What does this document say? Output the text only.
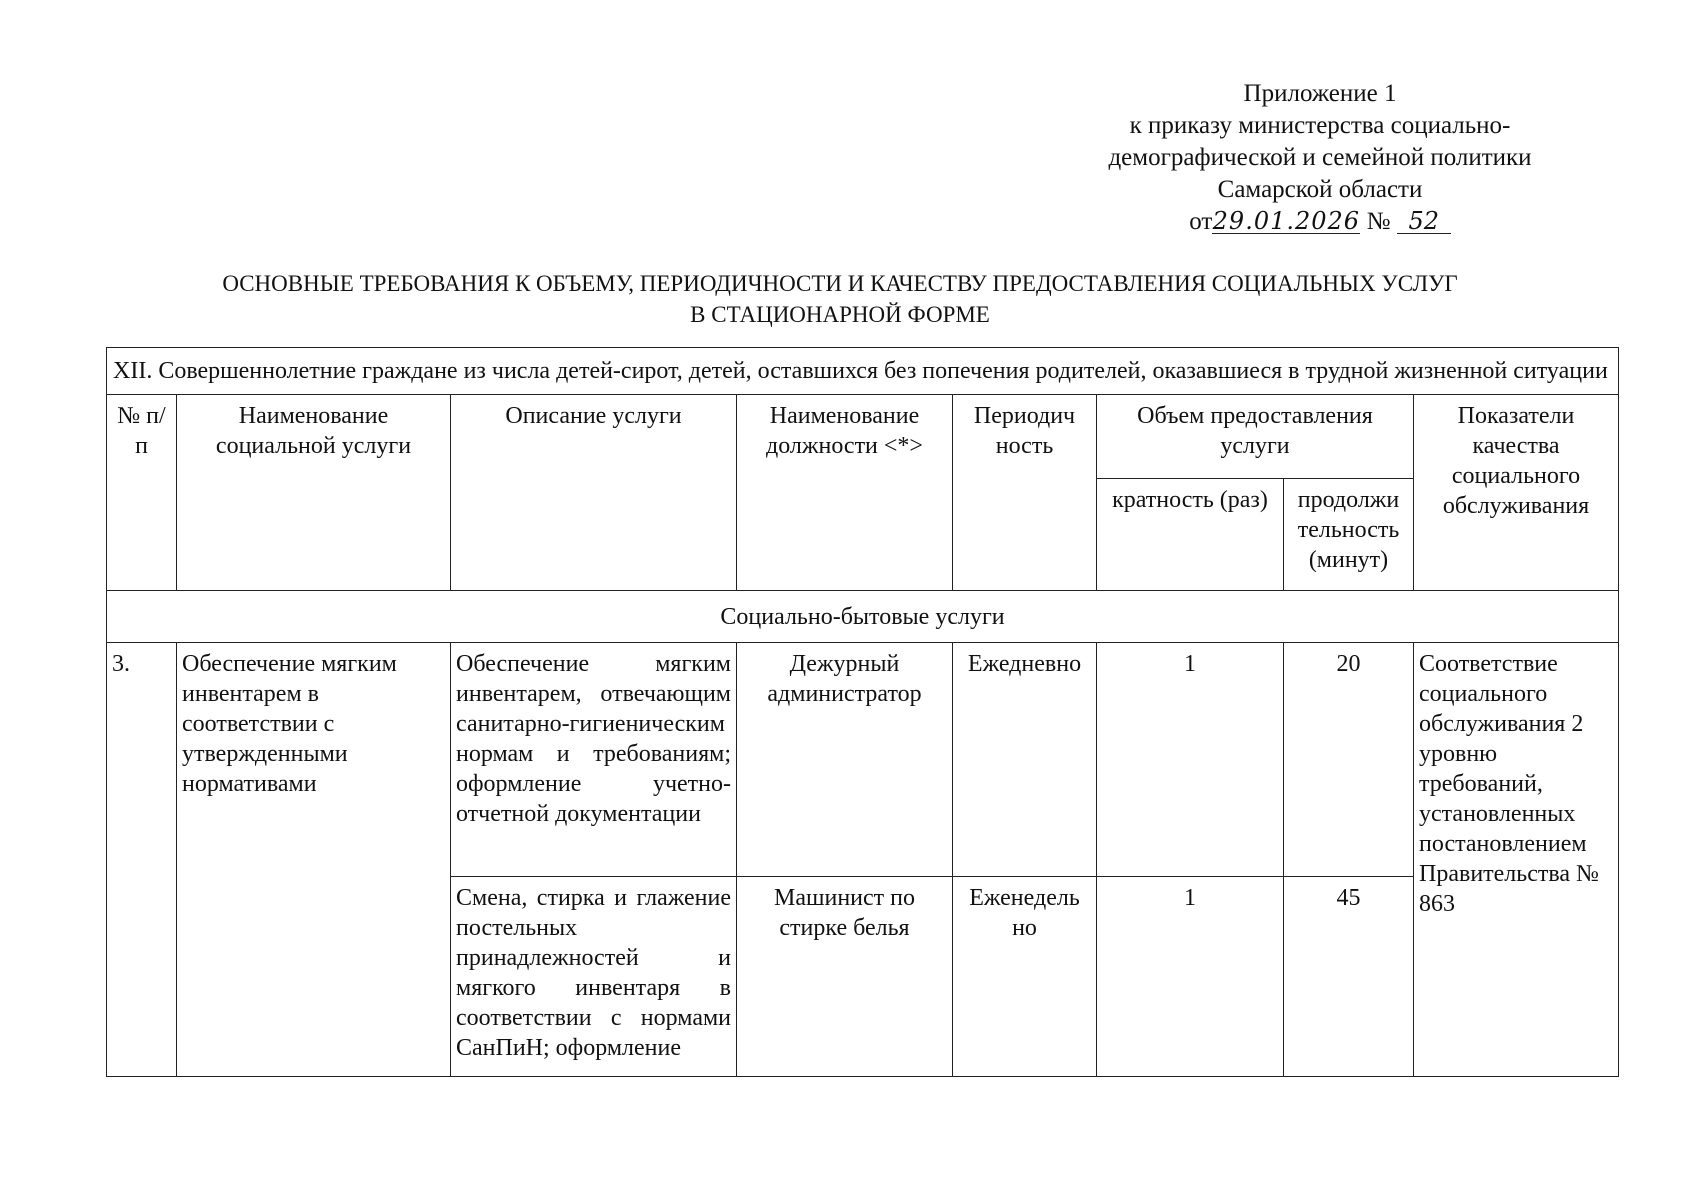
Приложение 1
к приказу министерства социально-
демографической и семейной политики
Самарской области
от29.01.2026 № 52
ОСНОВНЫЕ ТРЕБОВАНИЯ К ОБЪЕМУ, ПЕРИОДИЧНОСТИ И КАЧЕСТВУ ПРЕДОСТАВЛЕНИЯ СОЦИАЛЬНЫХ УСЛУГ
В СТАЦИОНАРНОЙ ФОРМЕ
XII. Совершеннолетние граждане из числа детей-сирот, детей, оставшихся без попечения родителей, оказавшиеся в трудной жизненной ситуации							
№ п/п	Наименование социальной услуги	Описание услуги	Наименование должности <*>	Периодич ность	Объем предоставления услуги		Показатели качества социального обслуживания
					кратность (раз)	продолжи тельность (минут)	
Социально-бытовые услуги							
3.	Обеспечение мягким инвентарем в соответствии с утвержденными нормативами	Обеспечение мягким инвентарем, отвечающим санитарно-гигиеническим нормам и требованиям; оформление учетно-отчетной документации	Дежурный администратор	Ежедневно	1	20	Соответствие социального обслуживания 2 уровню требований, установленных постановлением Правительства № 863
		Смена, стирка и глажение постельных принадлежностей и мягкого инвентаря в соответствии с нормами СанПиН; оформление	Машинист по стирке белья	Еженедель но	1	45	
